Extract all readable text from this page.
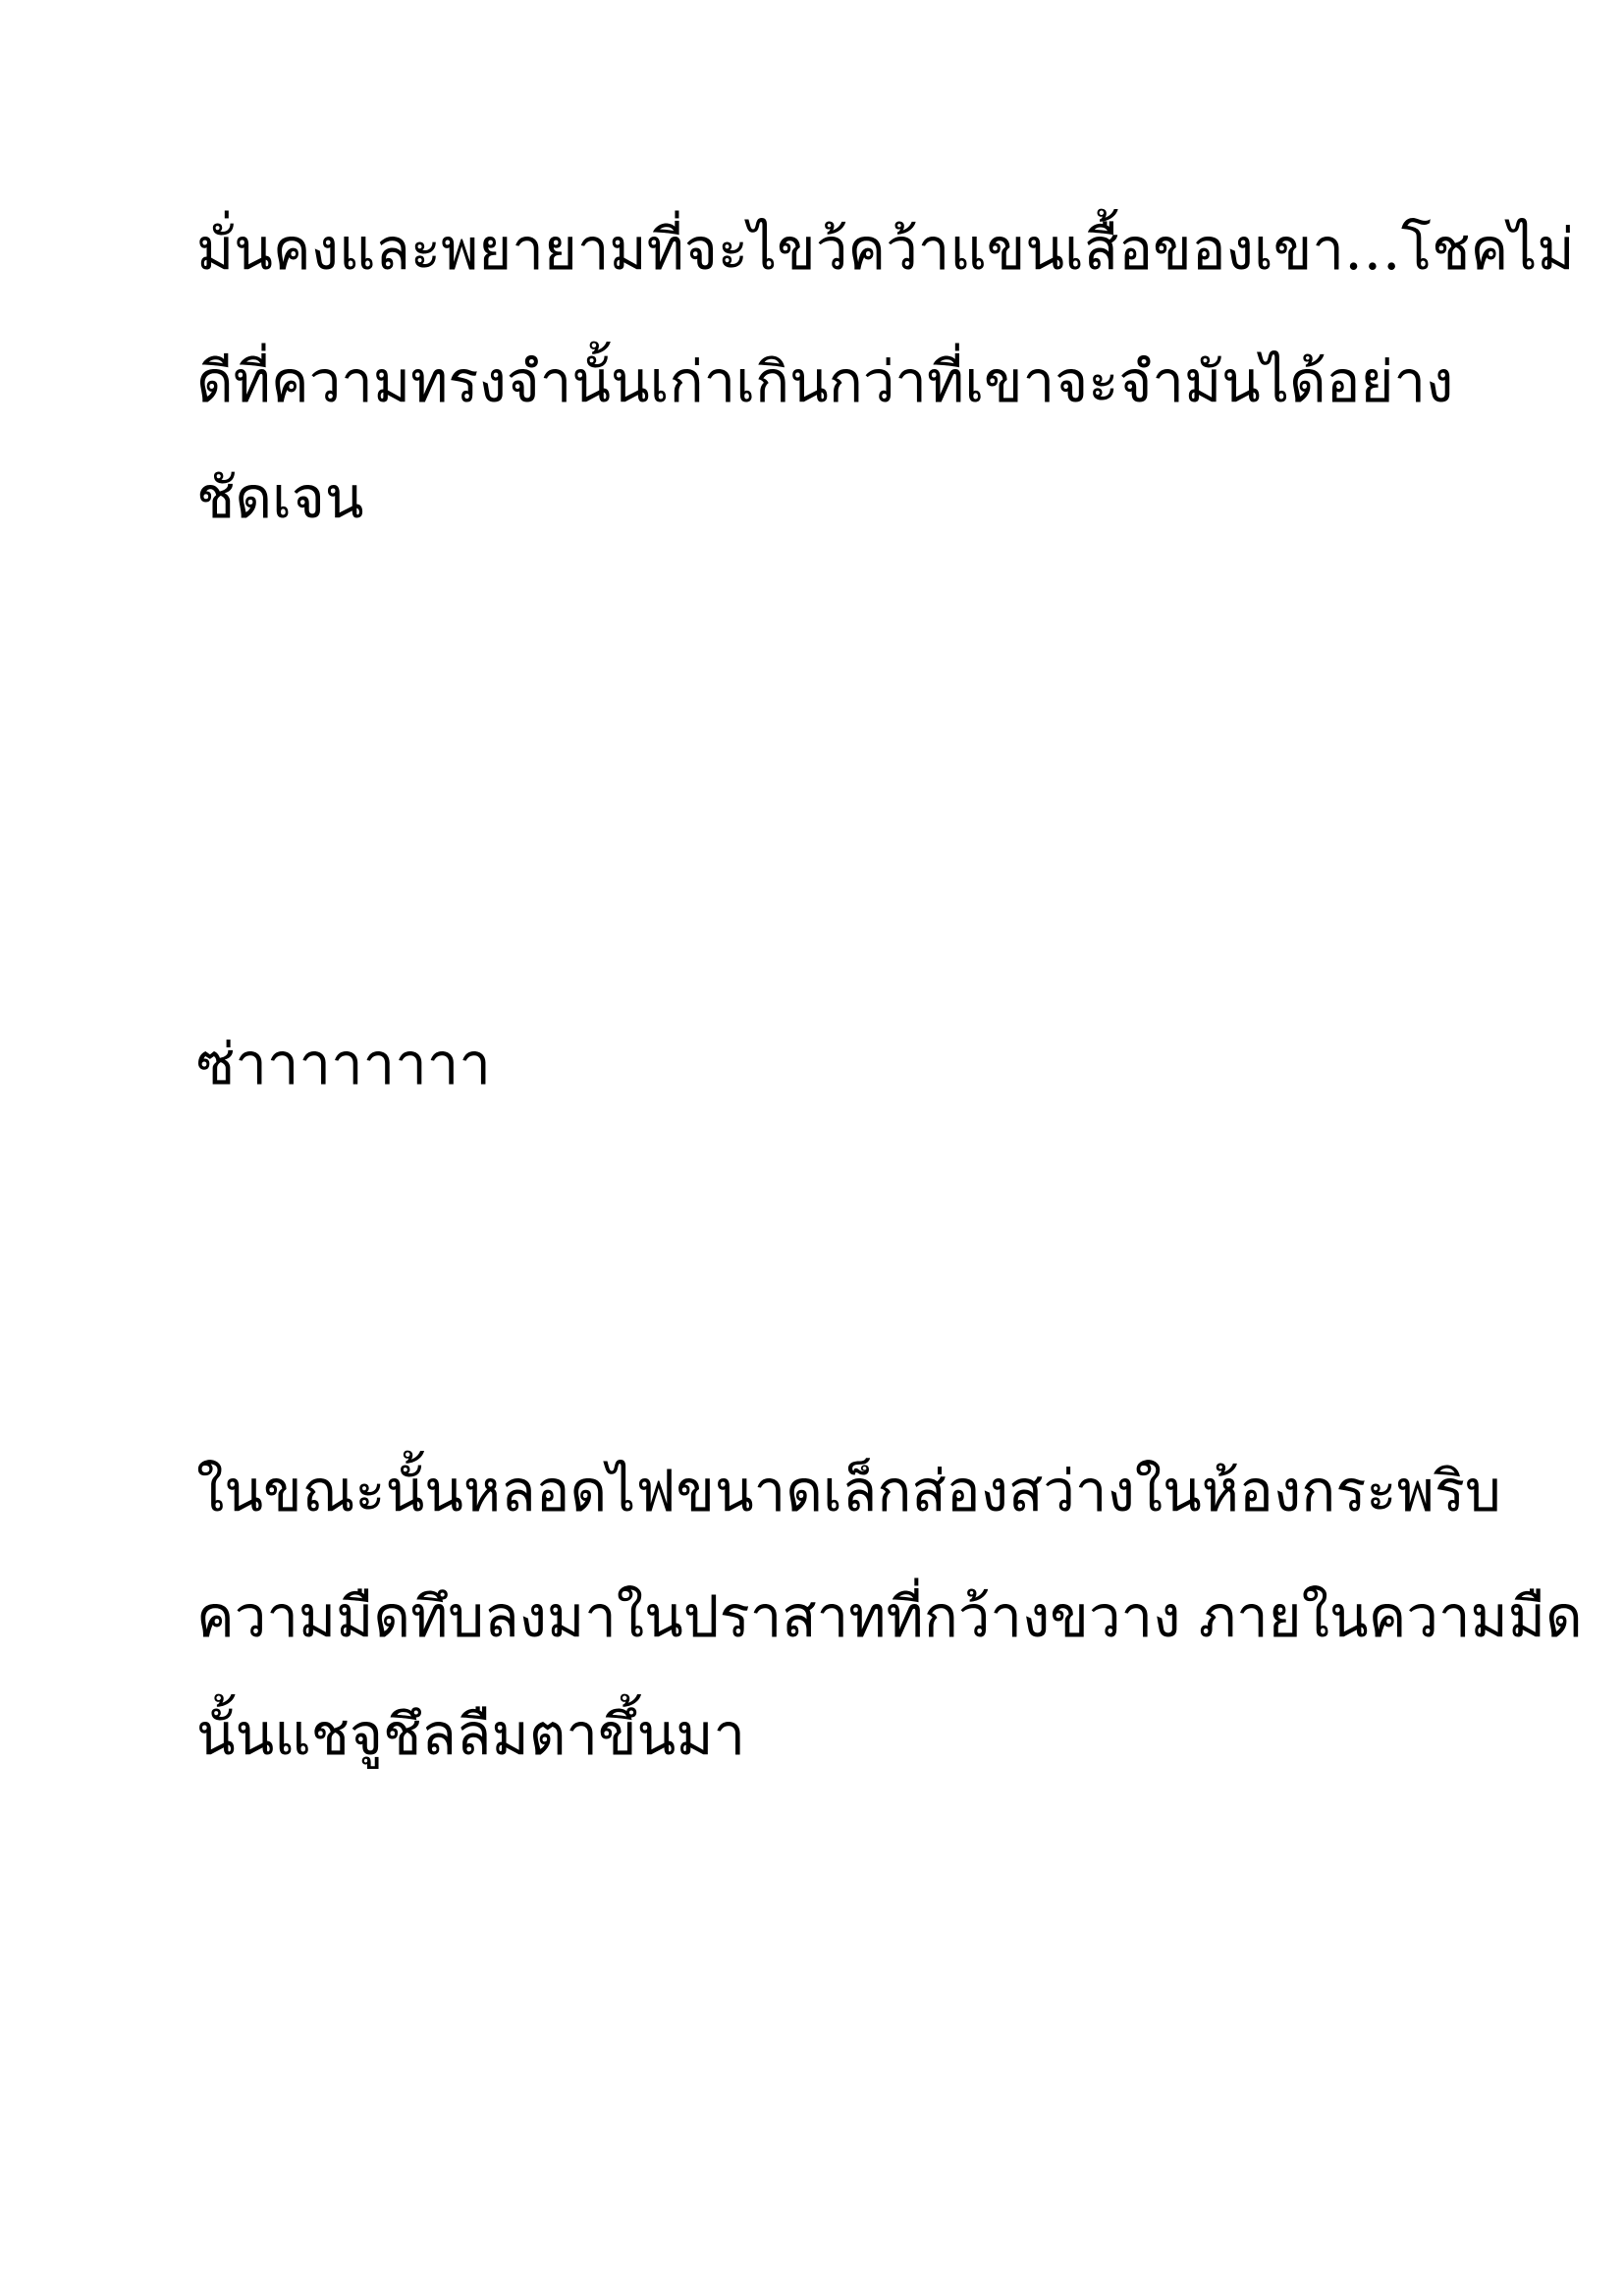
มั่นคงและพยายามที่จะไขว้คว้าแขนเสื้อของเขา…โชคไม่

ดีที่ความทรงจำนั้นเก่าเกินกว่าที่เขาจะจำมันได้อย่าง

ชัดเจน

ซ่าาาาาาาา

ในขณะนั้นหลอดไฟขนาดเล็กส่องสว่างในห้องกระพริบ

ความมืดทึบลงมาในปราสาทที่กว้างขวาง ภายในความมืด

นั้นแชจูชึลลืมตาขึ้นมา
